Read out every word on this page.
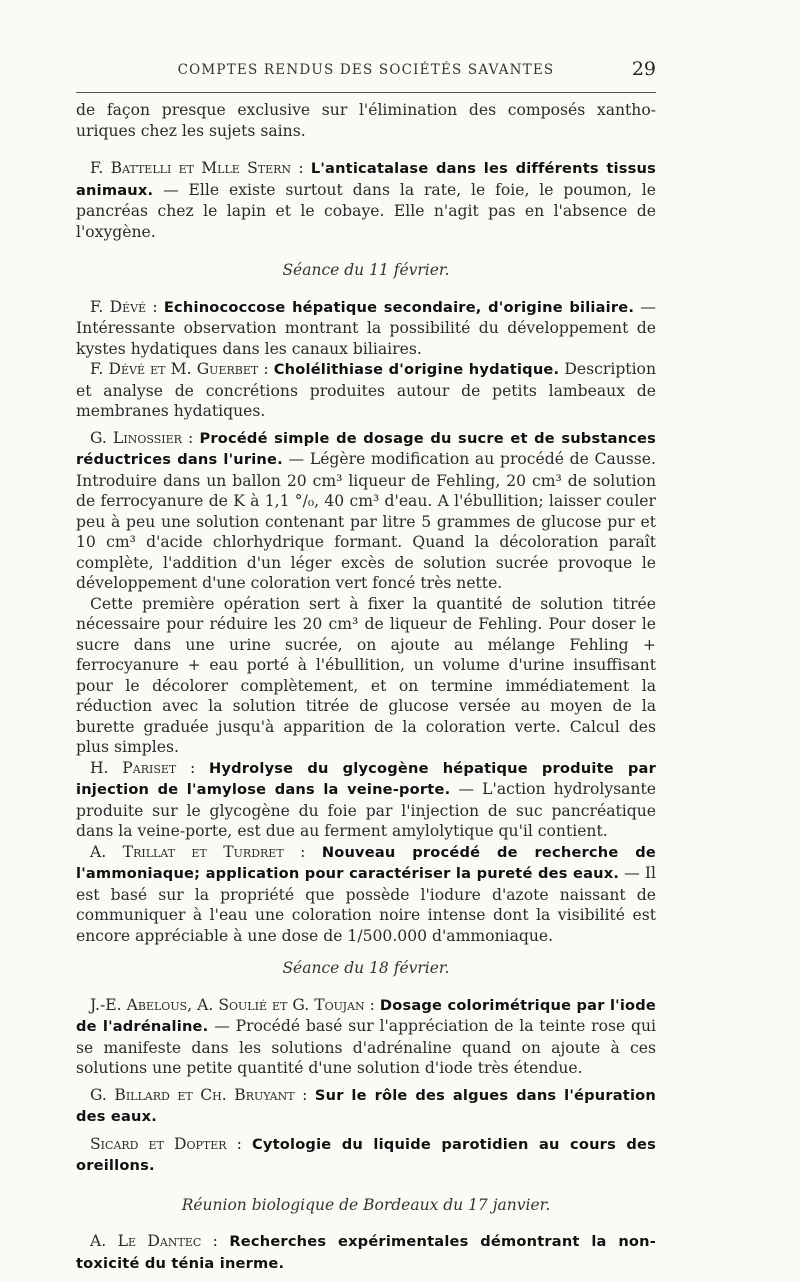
COMPTES RENDUS DES SOCIÉTÉS SAVANTES	29

de façon presque exclusive sur l'élimination des composés xantho-uriques chez les sujets sains.

F. Battelli et Mlle Stern : L'anticatalase dans les différents tissus animaux. — Elle existe surtout dans la rate, le foie, le poumon, le pancréas chez le lapin et le cobaye. Elle n'agit pas en l'absence de l'oxygène.

Séance du 11 février.

F. Dévé : Echinococcose hépatique secondaire, d'origine biliaire. — Intéressante observation montrant la possibilité du développement de kystes hydatiques dans les canaux biliaires.

F. Dévé et M. Guerbet : Cholélithiase d'origine hydatique. Description et analyse de concrétions produites autour de petits lambeaux de membranes hydatiques.

G. Linossier : Procédé simple de dosage du sucre et de substances réductrices dans l'urine. — Légère modification au procédé de Causse. Introduire dans un ballon 20 cm³ liqueur de Fehling, 20 cm³ de solution de ferrocyanure de K à 1,1 °/₀, 40 cm³ d'eau. A l'ébullition; laisser couler peu à peu une solution contenant par litre 5 grammes de glucose pur et 10 cm³ d'acide chlorhydrique formant. Quand la décoloration paraît complète, l'addition d'un léger excès de solution sucrée provoque le développement d'une coloration vert foncé très nette.

Cette première opération sert à fixer la quantité de solution titrée nécessaire pour réduire les 20 cm³ de liqueur de Fehling. Pour doser le sucre dans une urine sucrée, on ajoute au mélange Fehling + ferrocyanure + eau porté à l'ébullition, un volume d'urine insuffisant pour le décolorer complètement, et on termine immédiatement la réduction avec la solution titrée de glucose versée au moyen de la burette graduée jusqu'à apparition de la coloration verte. Calcul des plus simples.

H. Pariset : Hydrolyse du glycogène hépatique produite par injection de l'amylose dans la veine-porte. — L'action hydrolysante produite sur le glycogène du foie par l'injection de suc pancréatique dans la veine-porte, est due au ferment amylolytique qu'il contient.

A. Trillat et Turdret : Nouveau procédé de recherche de l'ammoniaque; application pour caractériser la pureté des eaux. — Il est basé sur la propriété que possède l'iodure d'azote naissant de communiquer à l'eau une coloration noire intense dont la visibilité est encore appréciable à une dose de 1/500.000 d'ammoniaque.

Séance du 18 février.

J.-E. Abelous, A. Soulié et G. Toujan : Dosage colorimétrique par l'iode de l'adrénaline. — Procédé basé sur l'appréciation de la teinte rose qui se manifeste dans les solutions d'adrénaline quand on ajoute à ces solutions une petite quantité d'une solution d'iode très étendue.

G. Billard et Ch. Bruyant : Sur le rôle des algues dans l'épuration des eaux.

Sicard et Dopter : Cytologie du liquide parotidien au cours des oreillons.

Réunion biologique de Bordeaux du 17 janvier.

A. Le Dantec : Recherches expérimentales démontrant la non-toxicité du ténia inerme.
